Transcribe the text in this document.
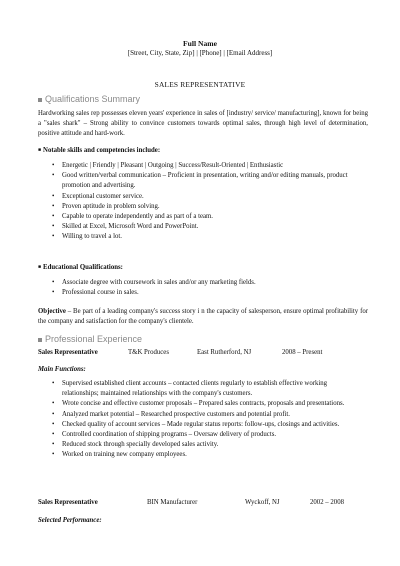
Full Name
[Street, City, State, Zip] | [Phone] | [Email Address]
SALES REPRESENTATIVE
Qualifications Summary
Hardworking sales rep possesses eleven years' experience in sales of [industry/ service/ manufacturing], known for being a "sales shark" – Strong ability to convince customers towards optimal sales, through high level of determination, positive attitude and hard-work.
■ Notable skills and competencies include:
• Energetic | Friendly | Pleasant | Outgoing | Success/Result-Oriented | Enthusiastic
• Good written/verbal communication – Proficient in presentation, writing and/or editing manuals, product promotion and advertising.
• Exceptional customer service.
• Proven aptitude in problem solving.
• Capable to operate independently and as part of a team.
• Skilled at Excel, Microsoft Word and PowerPoint.
• Willing to travel a lot.
■ Educational Qualifications:
• Associate degree with coursework in sales and/or any marketing fields.
• Professional course in sales.
Objective – Be part of a leading company's success story i n the capacity of salesperson, ensure optimal profitability for the company and satisfaction for the company's clientele.
Professional Experience
Sales Representative	T&K Produces	East Rutherford, NJ	2008 – Present
Main Functions:
• Supervised established client accounts – contacted clients regularly to establish effective working relationships; maintained relationships with the company's customers.
• Wrote concise and effective customer proposals – Prepared sales contracts, proposals and presentations.
• Analyzed market potential – Researched prospective customers and potential profit.
• Checked quality of account services – Made regular status reports: follow-ups, closings and activities.
• Controlled coordination of shipping programs – Oversaw delivery of products.
• Reduced stock through specially developed sales activity.
• Worked on training new company employees.
Sales Representative	BIN Manufacturer	Wyckoff, NJ	2002 – 2008
Selected Performance:
